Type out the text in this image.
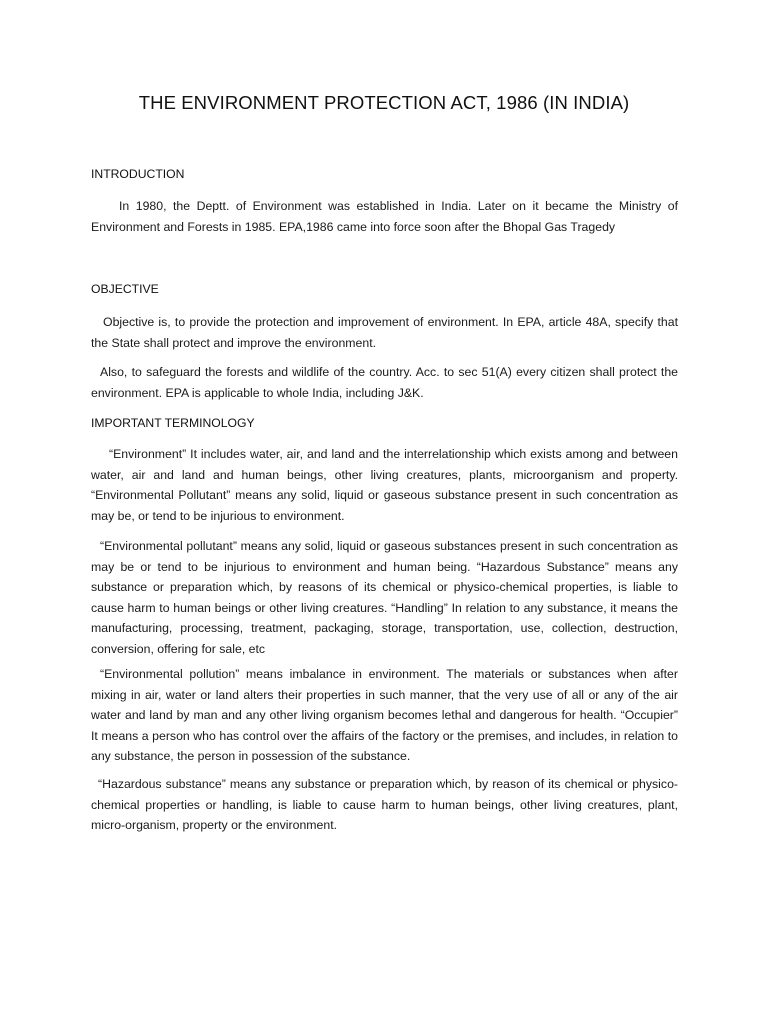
THE ENVIRONMENT PROTECTION ACT, 1986 (IN INDIA)
INTRODUCTION

In 1980, the Deptt. of Environment was established in India. Later on it became the Ministry of Environment and Forests in 1985. EPA,1986 came into force soon after the Bhopal Gas Tragedy

OBJECTIVE

Objective is, to provide the protection and improvement of environment. In EPA, article 48A, specify that the State shall protect and improve the environment.

Also, to safeguard the forests and wildlife of the country. Acc. to sec 51(A) every citizen shall protect the environment. EPA is applicable to whole India, including J&K.

IMPORTANT TERMINOLOGY

“Environment” It includes water, air, and land and the interrelationship which exists among and between water, air and land and human beings, other living creatures, plants, microorganism and property. “Environmental Pollutant” means any solid, liquid or gaseous substance present in such concentration as may be, or tend to be injurious to environment.

“Environmental pollutant” means any solid, liquid or gaseous substances present in such concentration as may be or tend to be injurious to environment and human being. “Hazardous Substance” means any substance or preparation which, by reasons of its chemical or physico-chemical properties, is liable to cause harm to human beings or other living creatures. “Handling” In relation to any substance, it means the manufacturing, processing, treatment, packaging, storage, transportation, use, collection, destruction, conversion, offering for sale, etc

“Environmental pollution” means imbalance in environment. The materials or substances when after mixing in air, water or land alters their properties in such manner, that the very use of all or any of the air water and land by man and any other living organism becomes lethal and dangerous for health. “Occupier” It means a person who has control over the affairs of the factory or the premises, and includes, in relation to any substance, the person in possession of the substance.

“Hazardous substance” means any substance or preparation which, by reason of its chemical or physico-chemical properties or handling, is liable to cause harm to human beings, other living creatures, plant, micro-organism, property or the environment.
